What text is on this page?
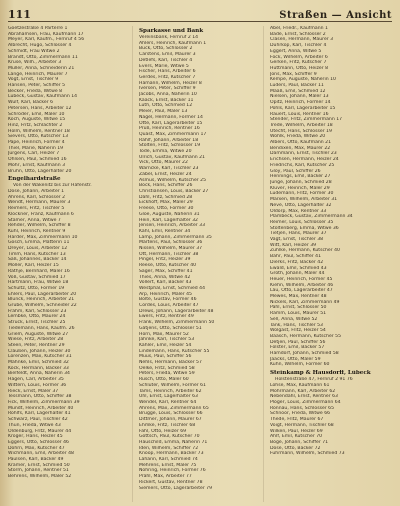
111	Straßen — Ansicht
Goetzestraße 4 Parterre 1
Abrahamsen, Frau, Kaufmann 17
Meyer, Karl, Kaufm., Fernruf 4 56
Albrecht, Hugo, Schlosser 4
Schmidt, Frau Witwe 2
Brandt, Otto, Zimmermann 11
Kruse, Wilh., Arbeiter 3
Müller, Anna, Schneiderin 21
Lange, Heinrich, Maurer 7
Vogt, Ernst, Tischler 9
Hansen, Peter, Schiffer 5
Becker, Frieda, Witwe 8
Lübeck, Gustav, Kaufmann 14
Wulf, Karl, Bäcker 6
Petersen, Hans, Arbeiter 12
Schröder, Emil, Maler 10
Koch, Auguste, Witwe 15
Hinz, Fritz, Schlachter 2
Holm, Wilhelm, Rentner 18
Sievers, Otto, Kutscher 13
Pape, Heinrich, Former 4
Thiel, Marie, Näherin 19
Jürgens, Carl, Heizer 7
Ohlsen, Paul, Schmied 16
Mohr, Ernst, Kaufmann 3
Bruhn, Otto, Lagerhalter 20
Engelhardstraße
Von der Wakenitz bis zur Hafenstr.
Dose, Johann, Arbeiter 1
Ahrens, Karl, Schlosser 2
Wendt, Hermann, Maurer 3
Reimers, Fritz, Tischler 5
Klöckner, Franz, Kaufmann 6
Stamer, Anna, Witwe 7
Rehder, Wilhelm, Schiffer 8
Kühl, Heinrich, Rentner 9
Harder, Max, Zimmermann 10
Gosch, Emma, Plätterin 11
Dreyer, Louis, Arbeiter 12
Timm, Hans, Kutscher 13
Saß, Johannes, Bäcker 14
Möller, Karl, Heizer 15
Rathje, Bernhard, Maler 16
Voß, Gustav, Schmied 17
Hartmann, Frau, Witwe 18
Schultz, Otto, Former 19
Ehlers, Paul, Lagerarbeiter 20
Blunck, Heinrich, Arbeiter 21
Grube, Wilhelm, Schneider 22
Frahm, Karl, Schlosser 23
Lembke, Otto, Maurer 24
Struck, Ernst, Tischler 25
Tiedemann, Hans, Kaufm. 26
Griem, Auguste, Witwe 27
Wiese, Fritz, Arbeiter 28
Steen, Peter, Rentner 29
Claußen, Johann, Heizer 30
Lorenzen, Max, Kutscher 31
Mahnke, Emil, Schmied 32
Kock, Hermann, Bäcker 33
Bielfeldt, Anna, Näherin 34
Hagen, Carl, Arbeiter 35
Wittern, Louis, Former 36
Rieck, Ernst, Maler 37
Tessmann, Otto, Schiffer 38
Fick, Wilhelm, Zimmermann 39
Mundt, Heinrich, Arbeiter 40
Rohlfs, Karl, Lagerhalter 41
Schwarz, Paul, Tischler 42
Thun, Frieda, Witwe 43
Oldenburg, Fritz, Maurer 44
Kröger, Hans, Heizer 45
Eggers, Otto, Schlosser 46
Dohrn, Max, Kutscher 47
Wichmann, Emil, Arbeiter 48
Paulsen, Karl, Bäcker 49
Kramer, Ernst, Schmied 50
Storm, Johann, Rentner 51
Behrens, Wilhelm, Maler 52
Sparkasse und Bank
Vereinsbank, Fernruf 2 14
Ahlers, Heinrich, Kaufmann 1
Buck, Otto, Schlosser 2
Carstens, Emil, Maurer 3
Detlefs, Karl, Tischler 4
Evers, Marie, Witwe 5
Fischer, Hans, Arbeiter 6
Gerdes, Fritz, Kutscher 7
Hamann, Wilhelm, Heizer 8
Iversen, Peter, Schiffer 9
Jacobs, Anna, Näherin 10
Kaack, Ernst, Bäcker 11
Lüth, Otto, Schmied 12
Meier, Paul, Maler 13
Nagel, Hermann, Former 14
Otte, Karl, Lagerarbeiter 15
Prüß, Heinrich, Rentner 16
Quast, Max, Zimmermann 17
Rahlf, Johann, Arbeiter 18
Stolten, Fritz, Schlosser 19
Tode, Emma, Witwe 20
Ulrich, Gustav, Kaufmann 21
Vick, Otto, Maurer 22
Warncke, Karl, Tischler 23
Zabel, Ernst, Heizer 24
Asmus, Wilhelm, Kutscher 25
Bock, Hans, Schiffer 26
Christiansen, Louis, Bäcker 27
Dahl, Fritz, Schmied 28
Eickhoff, Max, Maler 29
Freese, Otto, Former 30
Glöe, Auguste, Näherin 31
Hein, Karl, Lagerhalter 32
Jensen, Heinrich, Arbeiter 33
Kahl, Emil, Rentner 34
Lamp, Johann, Zimmermann 35
Martens, Paul, Schlosser 36
Nissen, Wilhelm, Maurer 37
Ott, Hermann, Tischler 38
Pingel, Fritz, Heizer 39
Reese, Otto, Kutscher 40
Sager, Max, Schiffer 41
Thies, Anna, Witwe 42
Vollert, Karl, Bäcker 43
Westphal, Ernst, Schmied 44
Arp, Heinrich, Maler 45
Bolte, Gustav, Former 46
Cordes, Louis, Arbeiter 47
Drews, Johann, Lagerarbeiter 48
Ewers, Fritz, Rentner 49
Frank, Wilhelm, Zimmermann 50
Gätjens, Otto, Schlosser 51
Horn, Max, Maurer 52
Jahnke, Karl, Tischler 53
Kähler, Emil, Heizer 54
Lindemann, Hans, Kutscher 55
Muus, Paul, Schiffer 56
Nehls, Hermann, Bäcker 57
Oelke, Fritz, Schmied 58
Peters, Frieda, Witwe 59
Rusch, Otto, Maler 60
Schlüter, Wilhelm, Former 61
Tams, Heinrich, Arbeiter 62
Uhl, Ernst, Lagerhalter 63
Wendel, Karl, Rentner 64
Ahrens, Max, Zimmermann 65
Brügge, Louis, Schlosser 66
Dittmer, Johann, Maurer 67
Ehmke, Fritz, Tischler 68
Fahl, Otto, Heizer 69
Göttsch, Paul, Kutscher 70
Hauschild, Emma, Näherin 71
Iden, Wilhelm, Schiffer 72
Knoop, Hermann, Bäcker 73
Lahann, Karl, Schmied 74
Mehrens, Ernst, Maler 75
Nöhring, Heinrich, Former 76
Prahl, Max, Arbeiter 77
Rickert, Gustav, Rentner 78
Siemers, Otto, Lagerarbeiter 79
Abel, Friedr., Kaufmann 1
Bade, Ernst, Schlosser 2
Clasen, Hermann, Maurer 3
Dührkop, Karl, Tischler 4
Eggert, Anna, Witwe 5
Fock, Wilhelm, Arbeiter 6
Gerken, Fritz, Kutscher 7
Hüttmann, Otto, Heizer 8
Jöns, Max, Schiffer 9
Kempe, Auguste, Näherin 10
Lüders, Paul, Bäcker 11
Maaß, Emil, Schmied 12
Nielsen, Johann, Maler 13
Opitz, Heinrich, Former 14
Pöhls, Karl, Lagerarbeiter 15
Rauert, Louis, Rentner 16
Stender, Fritz, Zimmermann 17
Trede, Wilhelm, Arbeiter 18
Utecht, Hans, Schlosser 19
Wöhlk, Frieda, Witwe 20
Albers, Otto, Kaufmann 21
Bendixen, Max, Maurer 22
Dammann, Ernst, Tischler 23
Erichsen, Hermann, Heizer 24
Friedrichs, Karl, Kutscher 25
Gloy, Paul, Schiffer 26
Hennings, Emil, Bäcker 27
Junge, Johann, Schmied 28
Klüver, Heinrich, Maler 29
Lüdemann, Fritz, Former 30
Marxen, Wilhelm, Arbeiter 31
Neve, Otto, Lagerhalter 32
Oldörp, Max, Rentner 33
Plambeck, Gustav, Zimmermann 34
Reimer, Louis, Schlosser 35
Stoltenberg, Emma, Witwe 36
Tietjen, Hans, Maurer 37
Vagt, Ernst, Tischler 38
Witt, Karl, Heizer 39
Zühlke, Hermann, Kutscher 40
Bahr, Paul, Schiffer 41
Dierks, Fritz, Bäcker 42
Ewald, Emil, Schmied 43
Groth, Johann, Maler 44
Heuer, Heinrich, Former 45
Kiehn, Wilhelm, Arbeiter 46
Lau, Otto, Lagerarbeiter 47
Mewes, Max, Rentner 48
Nickels, Karl, Zimmermann 49
Pahl, Ernst, Schlosser 50
Ramm, Louis, Maurer 51
Sell, Anna, Witwe 52
Tank, Hans, Tischler 53
Wolgast, Fritz, Heizer 54
Baasch, Hermann, Kutscher 55
Detjen, Paul, Schiffer 56
Fölster, Emil, Bäcker 57
Hamdorf, Johann, Schmied 58
Jaacks, Otto, Maler 59
Kühn, Wilhelm, Former 60
Steinkamp & Hausdorff, Lübeck
Holstenstraße 47, Fernruf 2 91 76
Lohse, Max, Kaufmann 61
Mohrmann, Karl, Arbeiter 62
Nebendahl, Ernst, Rentner 63
Plöger, Louis, Zimmermann 64
Rönnau, Hans, Schlosser 65
Schnoor, Frieda, Witwe 66
Thede, Fritz, Maurer 67
Voigt, Hermann, Tischler 68
Wilken, Paul, Heizer 69
Ahlf, Emil, Kutscher 70
Böge, Johann, Schiffer 71
Dose, Otto, Bäcker 72
Fuhrmann, Wilhelm, Schmied 73
